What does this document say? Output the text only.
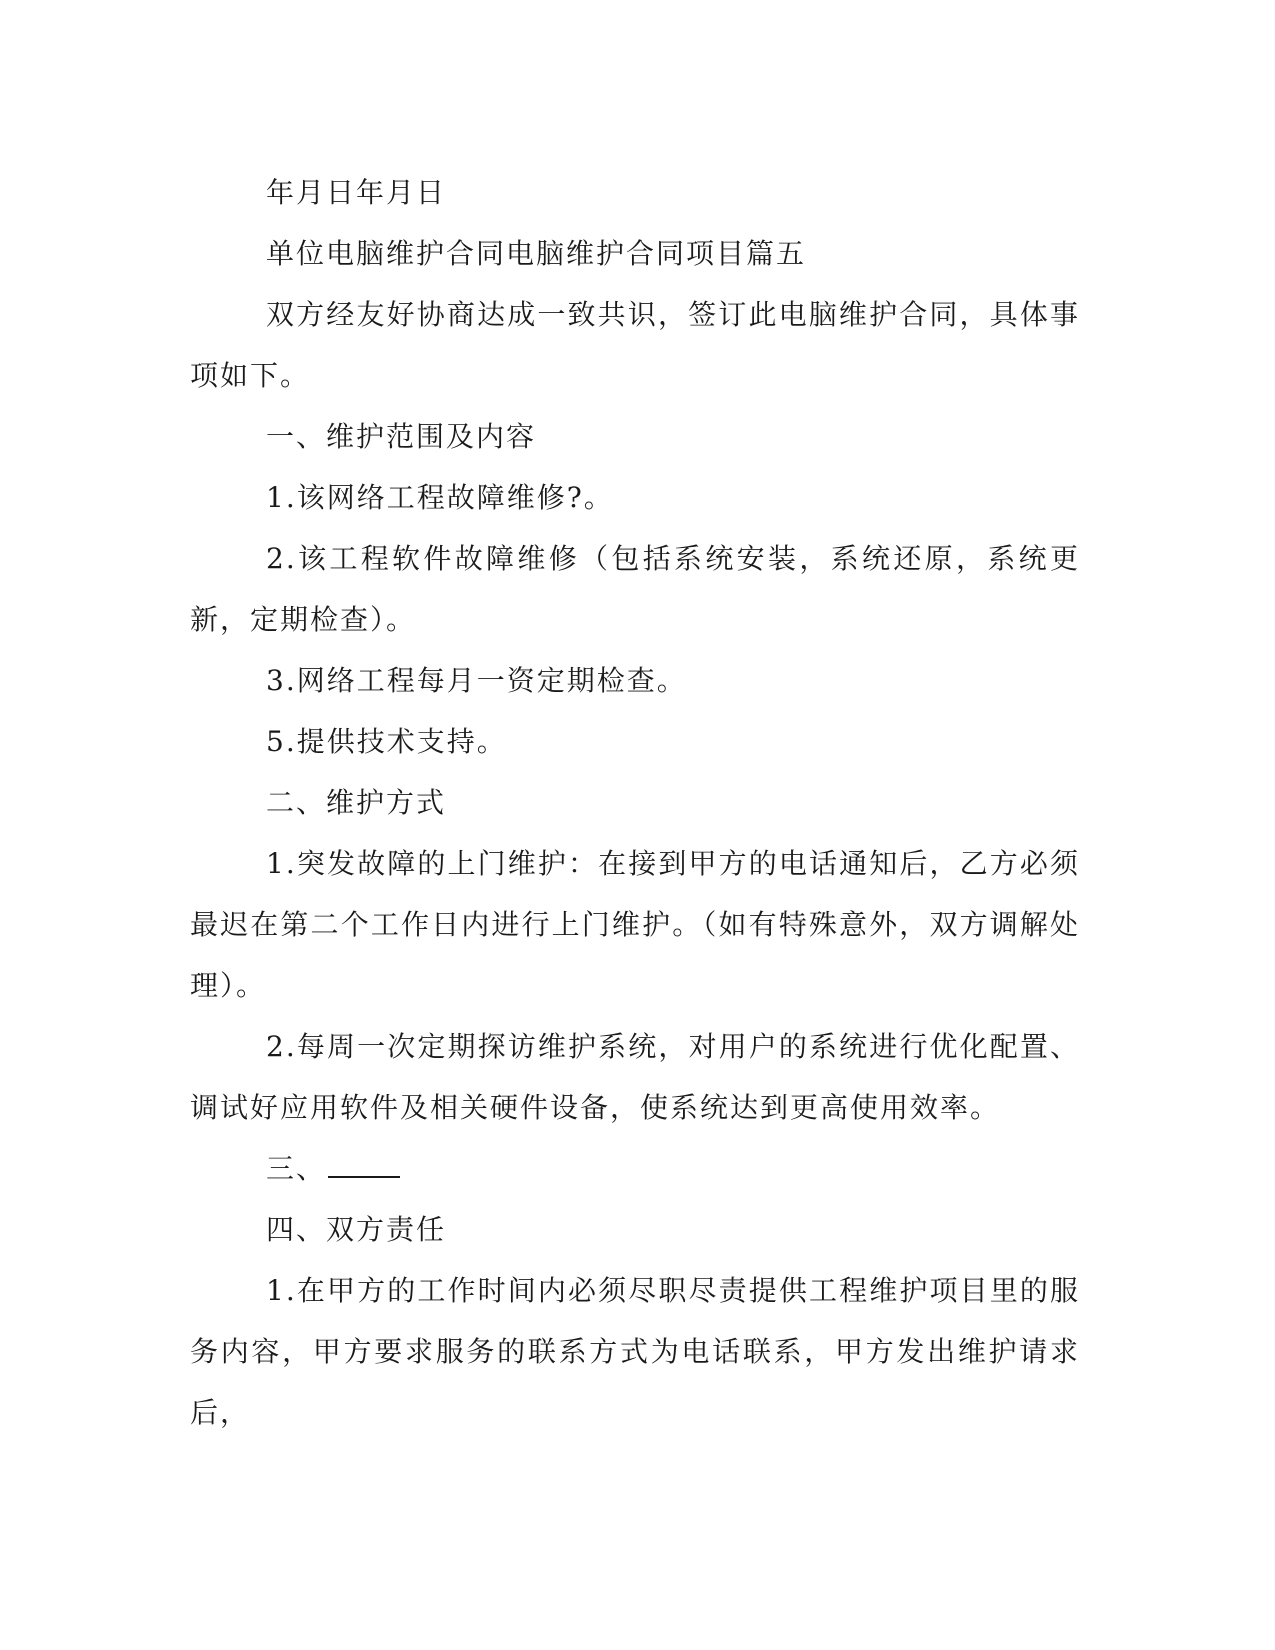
年月日年月日

单位电脑维护合同电脑维护合同项目篇五

双方经友好协商达成一致共识，签订此电脑维护合同，具体事项如下。

一、维护范围及内容

1.该网络工程故障维修?。

2.该工程软件故障维修（包括系统安装，系统还原，系统更新，定期检查）。

3.网络工程每月一资定期检查。

5.提供技术支持。

二、维护方式

1.突发故障的上门维护：在接到甲方的电话通知后，乙方必须最迟在第二个工作日内进行上门维护。（如有特殊意外，双方调解处理）。

2.每周一次定期探访维护系统，对用户的系统进行优化配置、调试好应用软件及相关硬件设备，使系统达到更高使用效率。

三、

四、双方责任

1.在甲方的工作时间内必须尽职尽责提供工程维护项目里的服务内容，甲方要求服务的联系方式为电话联系，甲方发出维护请求后，
